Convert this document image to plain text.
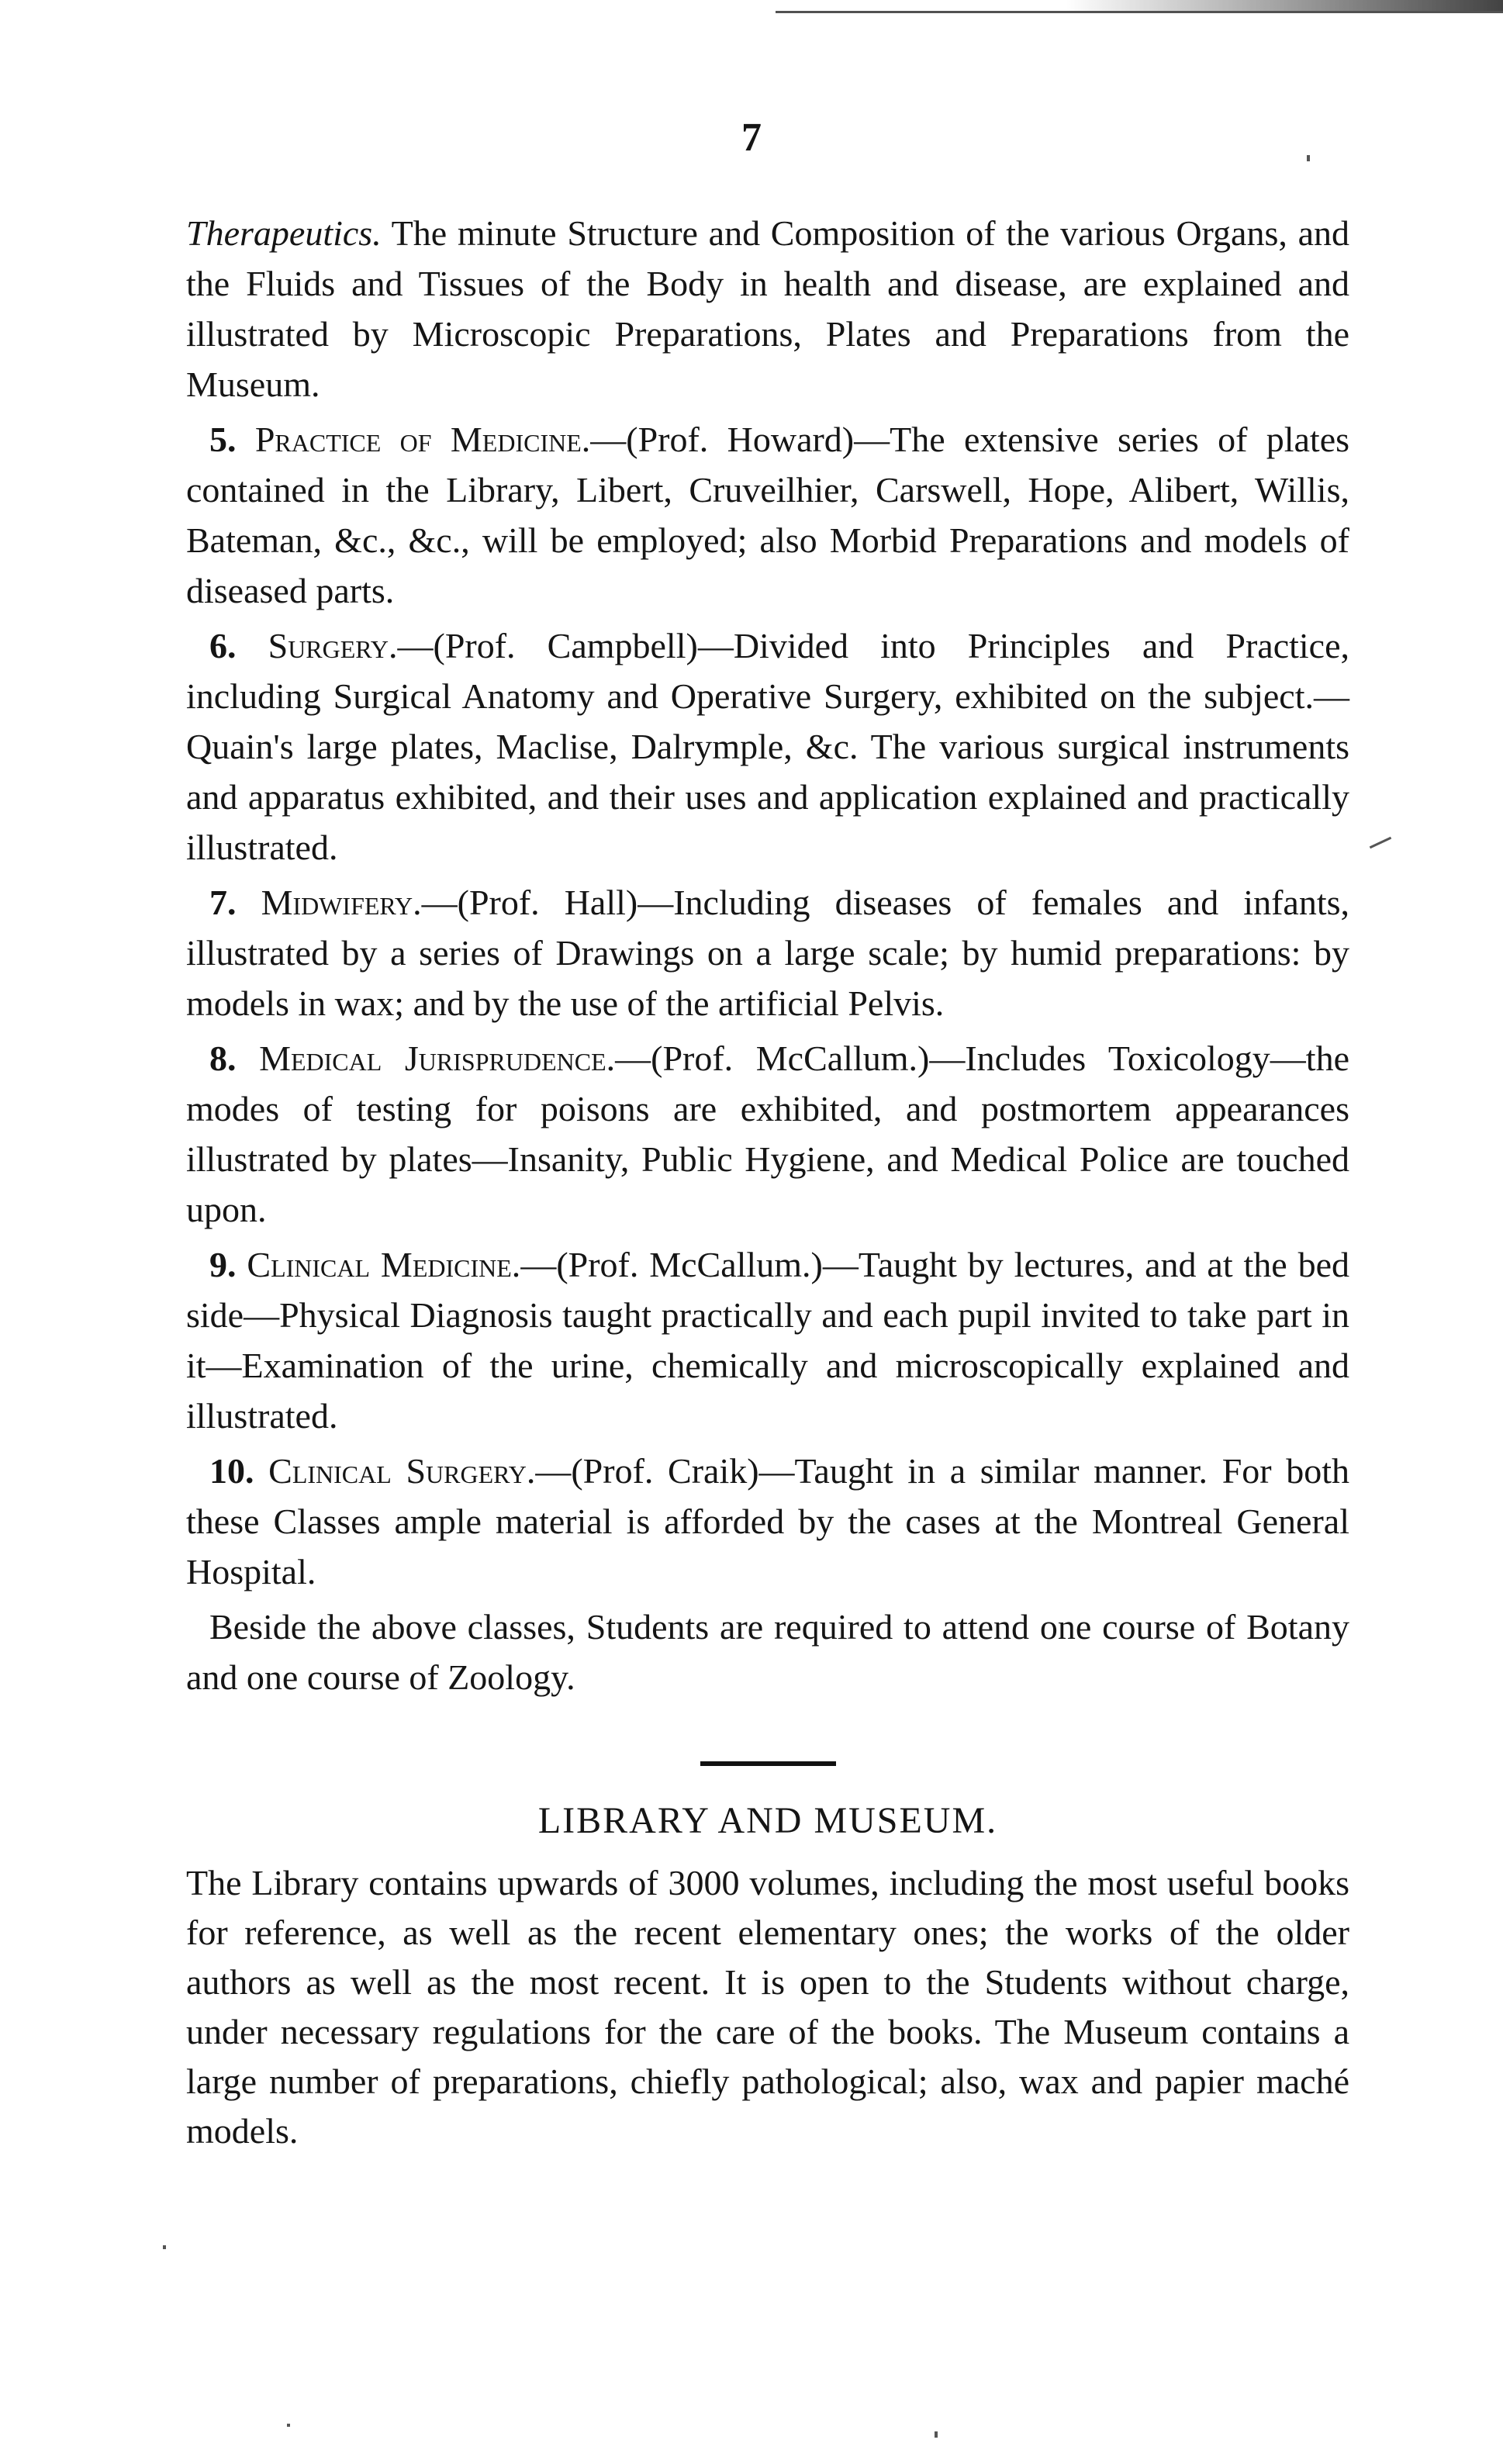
7

Therapeutics. The minute Structure and Composition of the various Organs, and the Fluids and Tissues of the Body in health and disease, are explained and illustrated by Microscopic Preparations, Plates and Preparations from the Museum.

5. Practice of Medicine.—(Prof. Howard)—The extensive series of plates contained in the Library, Libert, Cruveilhier, Carswell, Hope, Alibert, Willis, Bateman, &c., &c., will be employed; also Morbid Preparations and models of diseased parts.

6. Surgery.—(Prof. Campbell)—Divided into Principles and Practice, including Surgical Anatomy and Operative Surgery, exhibited on the subject.—Quain's large plates, Maclise, Dalrymple, &c. The various surgical instruments and apparatus exhibited, and their uses and application explained and practically illustrated.

7. Midwifery.—(Prof. Hall)—Including diseases of females and infants, illustrated by a series of Drawings on a large scale; by humid preparations: by models in wax; and by the use of the artificial Pelvis.

8. Medical Jurisprudence.—(Prof. McCallum.)—Includes Toxicology—the modes of testing for poisons are exhibited, and postmortem appearances illustrated by plates—Insanity, Public Hygiene, and Medical Police are touched upon.

9. Clinical Medicine.—(Prof. McCallum.)—Taught by lectures, and at the bed side—Physical Diagnosis taught practically and each pupil invited to take part in it—Examination of the urine, chemically and microscopically explained and illustrated.

10. Clinical Surgery.—(Prof. Craik)—Taught in a similar manner. For both these Classes ample material is afforded by the cases at the Montreal General Hospital.

Beside the above classes, Students are required to attend one course of Botany and one course of Zoology.

LIBRARY AND MUSEUM.

The Library contains upwards of 3000 volumes, including the most useful books for reference, as well as the recent elementary ones; the works of the older authors as well as the most recent. It is open to the Students without charge, under necessary regulations for the care of the books. The Museum contains a large number of preparations, chiefly pathological; also, wax and papier maché models.
